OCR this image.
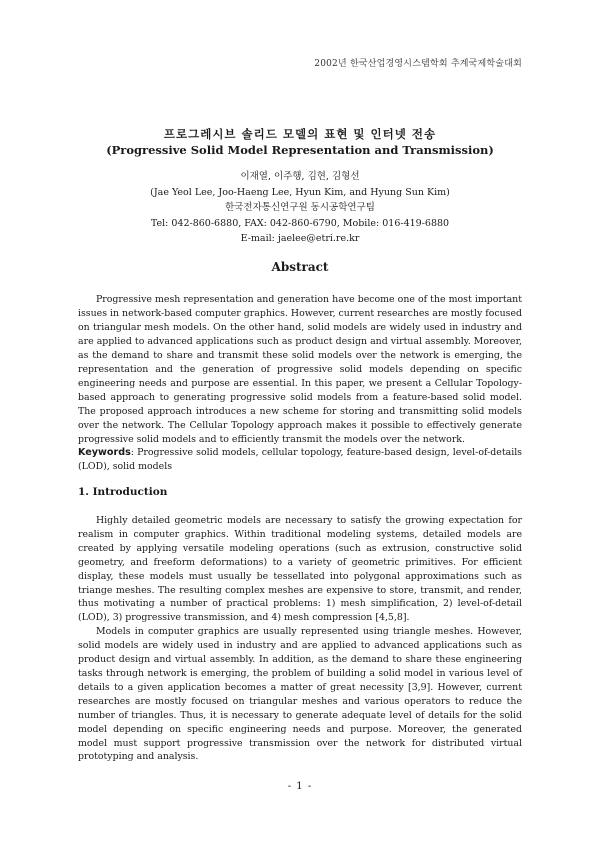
2002년 한국산업경영시스템학회 추계국제학술대회
프로그레시브 솔리드 모델의 표현 및 인터넷 전송
(Progressive Solid Model Representation and Transmission)
이재열, 이주행, 김현, 김형선
(Jae Yeol Lee, Joo-Haeng Lee, Hyun Kim, and Hyung Sun Kim)
한국전자통신연구원 동시공학연구팀
Tel: 042-860-6880, FAX: 042-860-6790, Mobile: 016-419-6880
E-mail: jaelee@etri.re.kr
Abstract

Progressive mesh representation and generation have become one of the most important issues in network-based computer graphics. However, current researches are mostly focused on triangular mesh models. On the other hand, solid models are widely used in industry and are applied to advanced applications such as product design and virtual assembly. Moreover, as the demand to share and transmit these solid models over the network is emerging, the representation and the generation of progressive solid models depending on specific engineering needs and purpose are essential. In this paper, we present a Cellular Topology-based approach to generating progressive solid models from a feature-based solid model. The proposed approach introduces a new scheme for storing and transmitting solid models over the network. The Cellular Topology approach makes it possible to effectively generate progressive solid models and to efficiently transmit the models over the network.

Keywords: Progressive solid models, cellular topology, feature-based design, level-of-details (LOD), solid models

1. Introduction

Highly detailed geometric models are necessary to satisfy the growing expectation for realism in computer graphics. Within traditional modeling systems, detailed models are created by applying versatile modeling operations (such as extrusion, constructive solid geometry, and freeform deformations) to a variety of geometric primitives. For efficient display, these models must usually be tessellated into polygonal approximations such as triange meshes. The resulting complex meshes are expensive to store, transmit, and render, thus motivating a number of practical problems: 1) mesh simplification, 2) level-of-detail (LOD), 3) progressive transmission, and 4) mesh compression [4,5,8].

Models in computer graphics are usually represented using triangle meshes. However, solid models are widely used in industry and are applied to advanced applications such as product design and virtual assembly. In addition, as the demand to share these engineering tasks through network is emerging, the problem of building a solid model in various level of details to a given application becomes a matter of great necessity [3,9]. However, current researches are mostly focused on triangular meshes and various operators to reduce the number of triangles. Thus, it is necessary to generate adequate level of details for the solid model depending on specific engineering needs and purpose. Moreover, the generated model must support progressive transmission over the network for distributed virtual prototyping and analysis.

- 1 -
